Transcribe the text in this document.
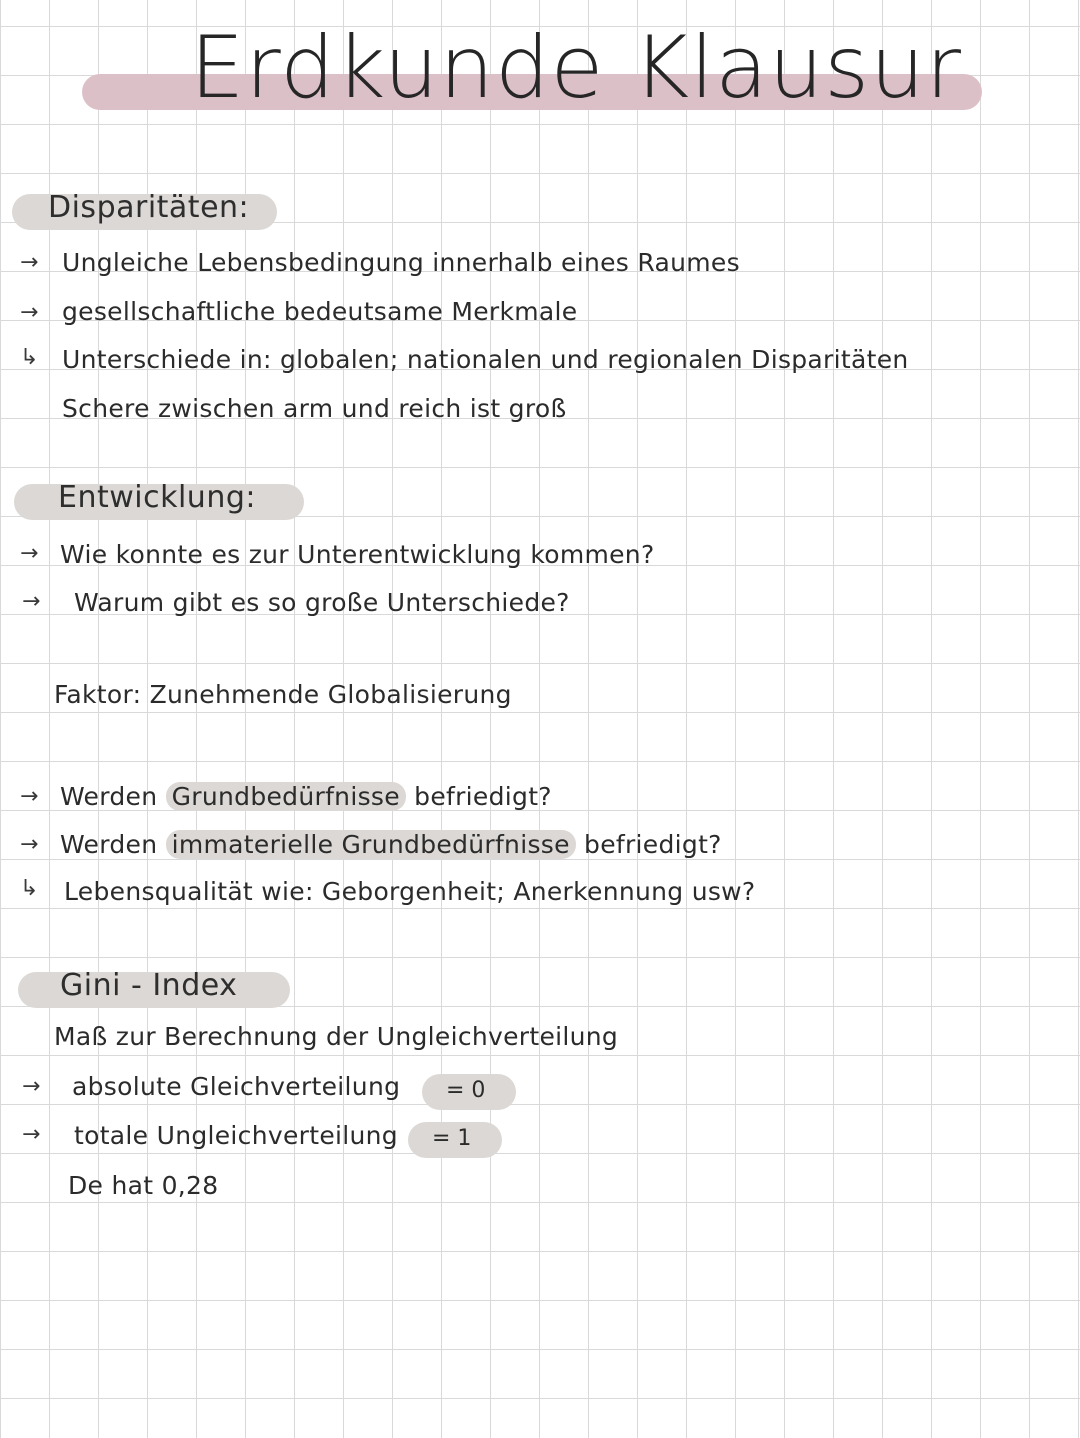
Erdkunde Klausur
Disparitäten:
→ Ungleiche Lebensbedingung innerhalb eines Raumes
→ gesellschaftliche bedeutsame Merkmale
↳ Unterschiede in: globalen; nationalen und regionalen Disparitäten
Schere zwischen arm und reich ist groß
Entwicklung:
→ Wie konnte es zur Unterentwicklung kommen?
→ Warum gibt es so große Unterschiede?
Faktor: Zunehmende Globalisierung
→ Werden Grundbedürfnisse befriedigt?
→ Werden immaterielle Grundbedürfnisse befriedigt?
↳ Lebensqualität wie: Geborgenheit; Anerkennung usw?
Gini - Index
Maß zur Berechnung der Ungleichverteilung
→ absolute Gleichverteilung = 0
→ totale Ungleichverteilung = 1
De hat 0,28
